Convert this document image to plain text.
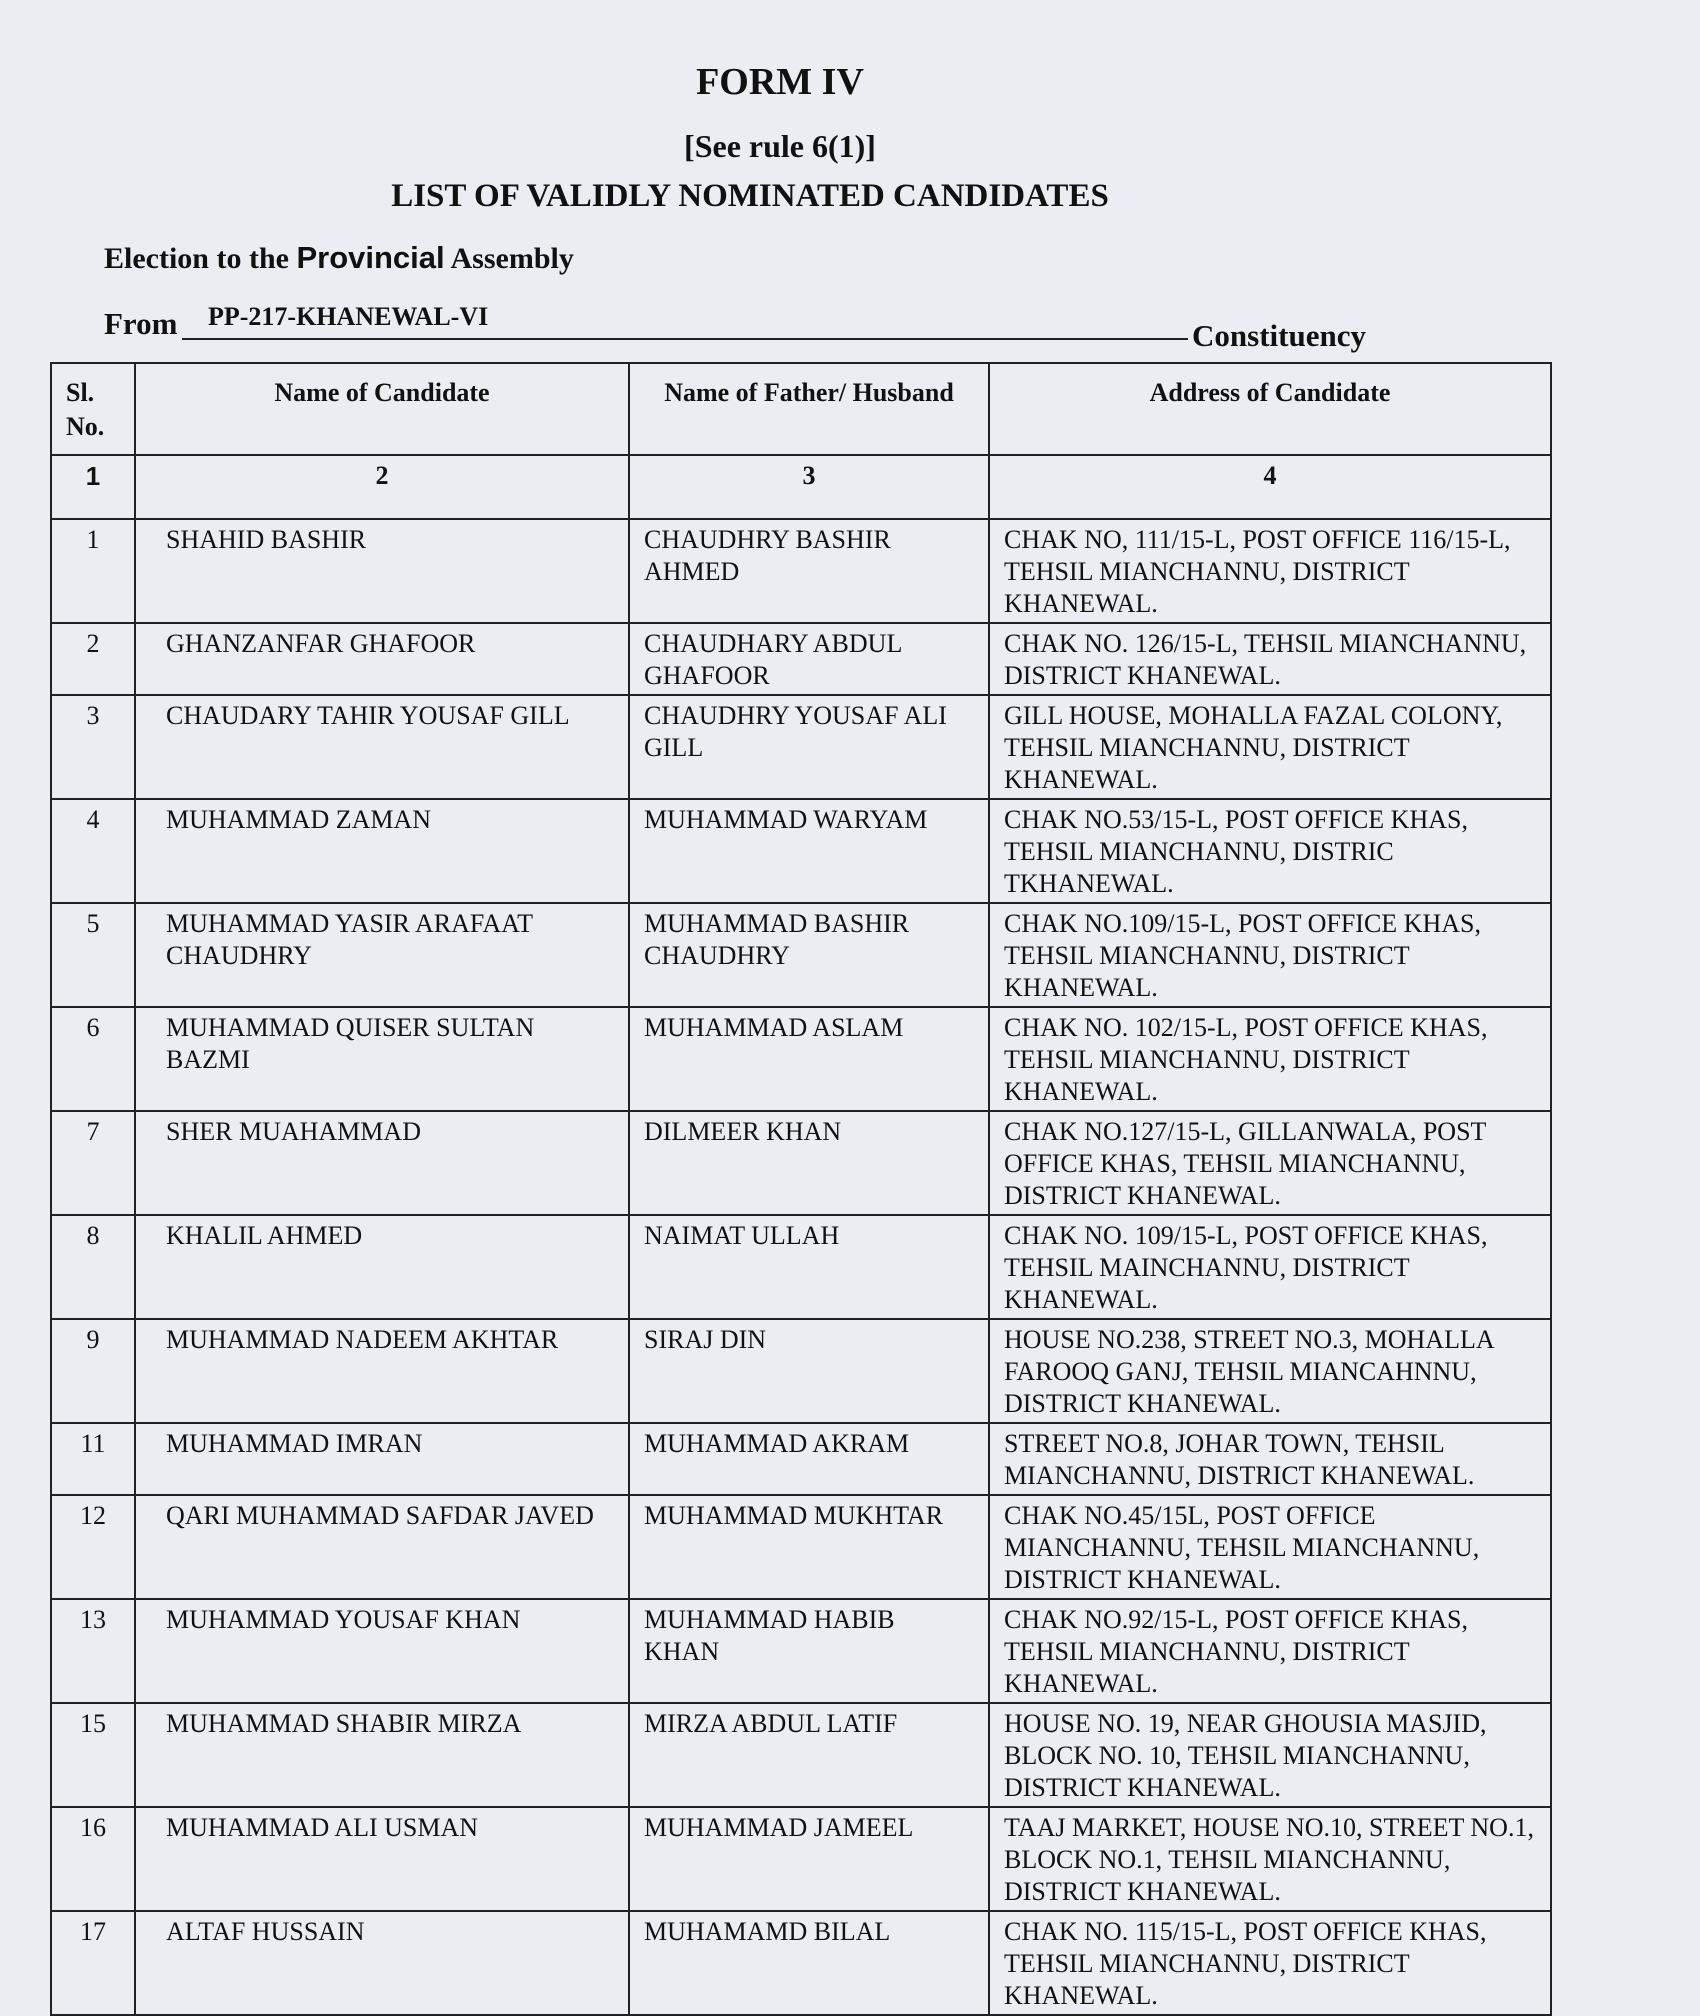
FORM IV
[See rule 6(1)]
LIST OF VALIDLY NOMINATED CANDIDATES
Election to the Provincial Assembly
From	PP-217-KHANEWAL-VI
Constituency
Sl. No.	Name of Candidate	Name of Father/ Husband	Address of Candidate
1	2	3	4
1	SHAHID BASHIR	CHAUDHRY BASHIR AHMED	CHAK NO, 111/15-L, POST OFFICE 116/15-L, TEHSIL MIANCHANNU, DISTRICT KHANEWAL.
2	GHANZANFAR GHAFOOR	CHAUDHARY ABDUL GHAFOOR	CHAK NO. 126/15-L, TEHSIL MIANCHANNU, DISTRICT KHANEWAL.
3	CHAUDARY TAHIR YOUSAF GILL	CHAUDHRY YOUSAF ALI GILL	GILL HOUSE, MOHALLA FAZAL COLONY, TEHSIL MIANCHANNU, DISTRICT KHANEWAL.
4	MUHAMMAD ZAMAN	MUHAMMAD WARYAM	CHAK NO.53/15-L, POST OFFICE KHAS, TEHSIL MIANCHANNU, DISTRIC TKHANEWAL.
5	MUHAMMAD YASIR ARAFAAT CHAUDHRY	MUHAMMAD BASHIR CHAUDHRY	CHAK NO.109/15-L, POST OFFICE KHAS, TEHSIL MIANCHANNU, DISTRICT KHANEWAL.
6	MUHAMMAD QUISER SULTAN BAZMI	MUHAMMAD ASLAM	CHAK NO. 102/15-L, POST OFFICE KHAS, TEHSIL MIANCHANNU, DISTRICT KHANEWAL.
7	SHER MUAHAMMAD	DILMEER KHAN	CHAK NO.127/15-L, GILLANWALA, POST OFFICE KHAS, TEHSIL MIANCHANNU, DISTRICT KHANEWAL.
8	KHALIL AHMED	NAIMAT ULLAH	CHAK NO. 109/15-L, POST OFFICE KHAS, TEHSIL MAINCHANNU, DISTRICT KHANEWAL.
9	MUHAMMAD NADEEM AKHTAR	SIRAJ DIN	HOUSE NO.238, STREET NO.3, MOHALLA FAROOQ GANJ, TEHSIL MIANCAHNNU, DISTRICT KHANEWAL.
11	MUHAMMAD IMRAN	MUHAMMAD AKRAM	STREET NO.8, JOHAR TOWN, TEHSIL MIANCHANNU, DISTRICT KHANEWAL.
12	QARI MUHAMMAD SAFDAR JAVED	MUHAMMAD MUKHTAR	CHAK NO.45/15L, POST OFFICE MIANCHANNU, TEHSIL MIANCHANNU, DISTRICT KHANEWAL.
13	MUHAMMAD YOUSAF KHAN	MUHAMMAD HABIB KHAN	CHAK NO.92/15-L, POST OFFICE KHAS, TEHSIL MIANCHANNU, DISTRICT KHANEWAL.
15	MUHAMMAD SHABIR MIRZA	MIRZA ABDUL LATIF	HOUSE NO. 19, NEAR GHOUSIA MASJID, BLOCK NO. 10, TEHSIL MIANCHANNU, DISTRICT KHANEWAL.
16	MUHAMMAD ALI USMAN	MUHAMMAD JAMEEL	TAAJ MARKET, HOUSE NO.10, STREET NO.1, BLOCK NO.1, TEHSIL MIANCHANNU, DISTRICT KHANEWAL.
17	ALTAF HUSSAIN	MUHAMAMD BILAL	CHAK NO. 115/15-L, POST OFFICE KHAS, TEHSIL MIANCHANNU, DISTRICT KHANEWAL.
